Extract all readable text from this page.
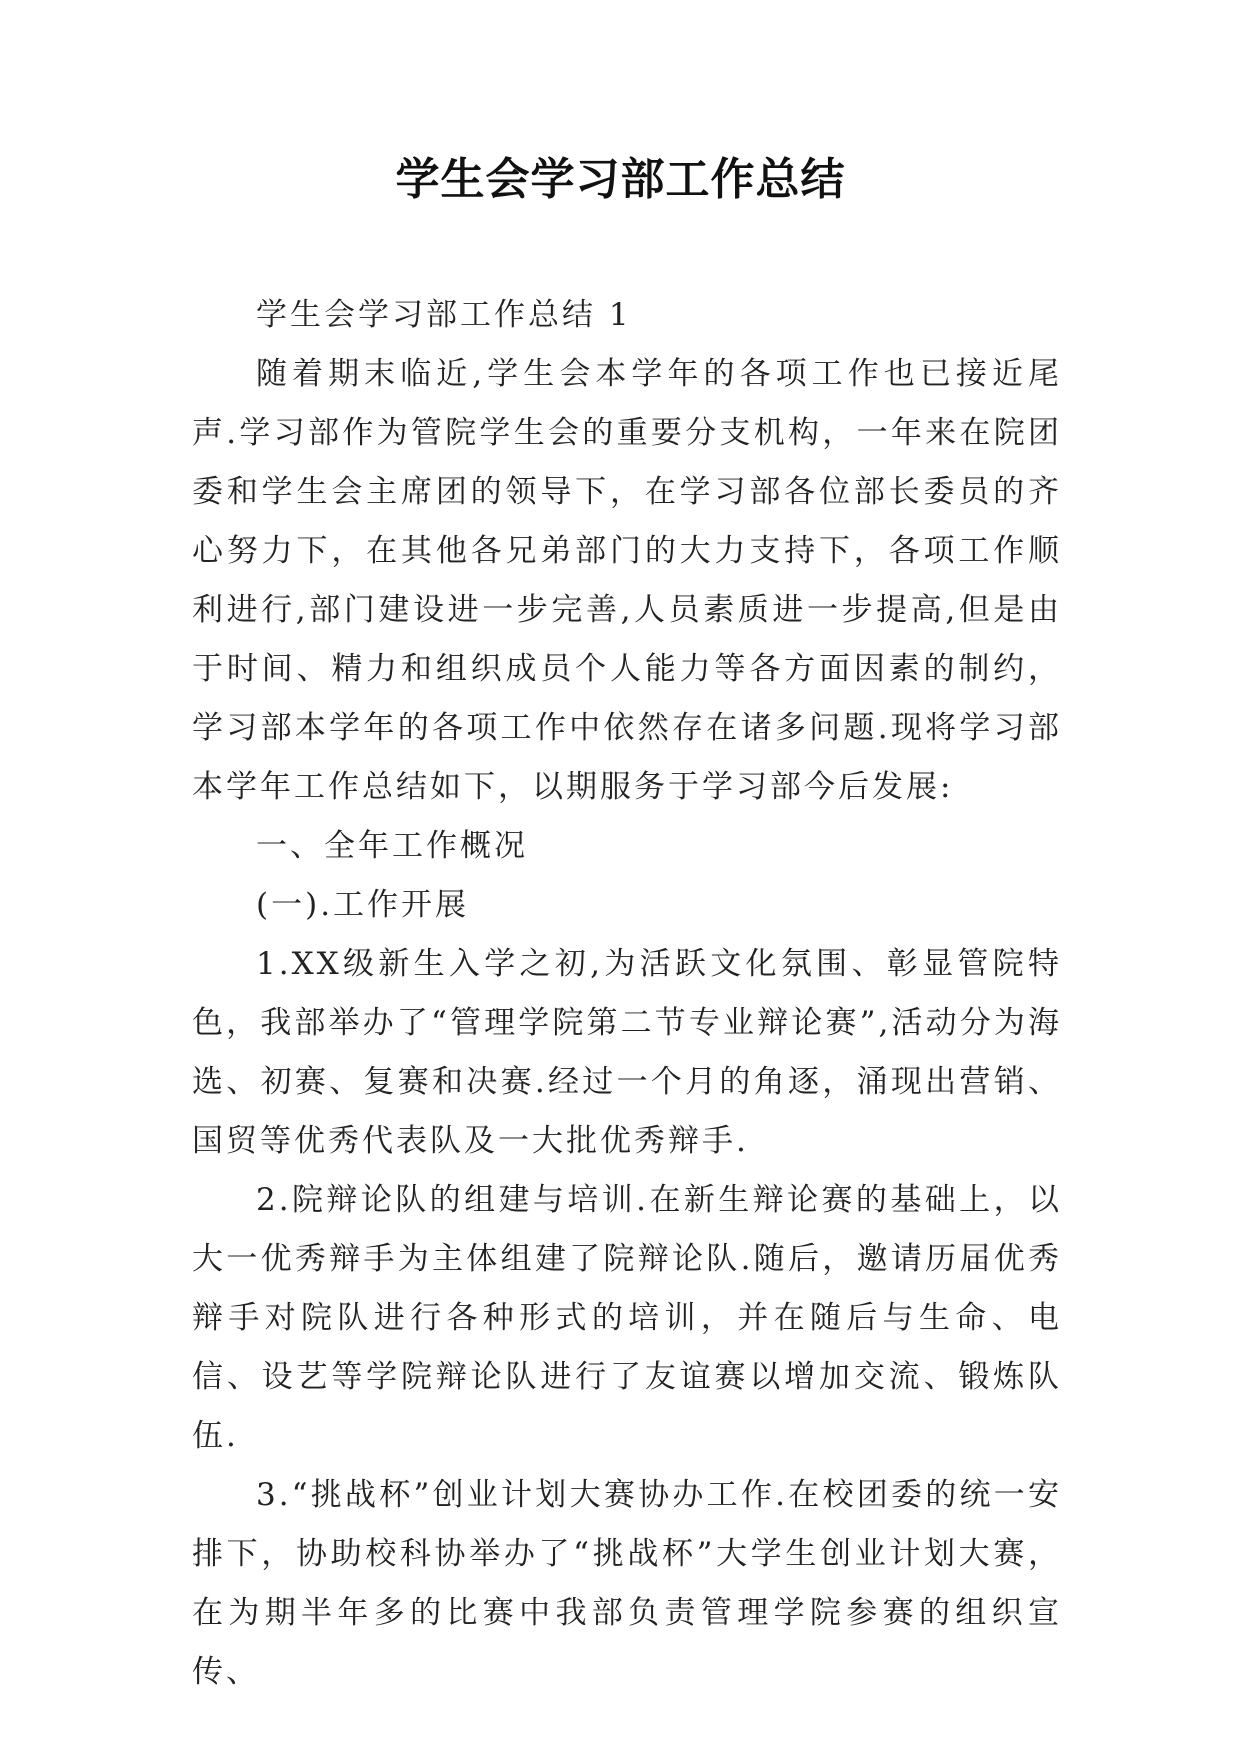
学生会学习部工作总结

学生会学习部工作总结 1

随着期末临近,学生会本学年的各项工作也已接近尾声.学习部作为管院学生会的重要分支机构，一年来在院团委和学生会主席团的领导下，在学习部各位部长委员的齐心努力下，在其他各兄弟部门的大力支持下，各项工作顺利进行,部门建设进一步完善,人员素质进一步提高,但是由于时间、精力和组织成员个人能力等各方面因素的制约，学习部本学年的各项工作中依然存在诸多问题.现将学习部本学年工作总结如下，以期服务于学习部今后发展:

一、全年工作概况

(一).工作开展

1.XX级新生入学之初,为活跃文化氛围、彰显管院特色，我部举办了“管理学院第二节专业辩论赛”,活动分为海选、初赛、复赛和决赛.经过一个月的角逐，涌现出营销、国贸等优秀代表队及一大批优秀辩手.

2.院辩论队的组建与培训.在新生辩论赛的基础上，以大一优秀辩手为主体组建了院辩论队.随后，邀请历届优秀辩手对院队进行各种形式的培训，并在随后与生命、电信、设艺等学院辩论队进行了友谊赛以增加交流、锻炼队伍.

3.“挑战杯”创业计划大赛协办工作.在校团委的统一安排下，协助校科协举办了“挑战杯”大学生创业计划大赛，在为期半年多的比赛中我部负责管理学院参赛的组织宣传、
